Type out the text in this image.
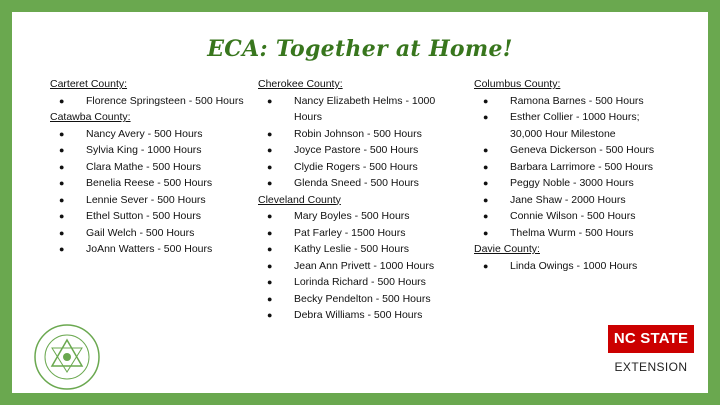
ECA: Together at Home!

Carteret County:

● Florence Springsteen - 500 Hours

Catawba County:

● Nancy Avery - 500 Hours
● Sylvia King - 1000 Hours
● Clara Mathe - 500 Hours
● Benelia Reese - 500 Hours
● Lennie Sever - 500 Hours
● Ethel Sutton - 500 Hours
● Gail Welch - 500 Hours
● JoAnn Watters - 500 Hours

Cherokee County:

● Nancy Elizabeth Helms - 1000 Hours
● Robin Johnson - 500 Hours
● Joyce Pastore - 500 Hours
● Clydie Rogers - 500 Hours
● Glenda Sneed - 500 Hours

Cleveland County

● Mary Boyles - 500 Hours
● Pat Farley - 1500 Hours
● Kathy Leslie - 500 Hours
● Jean Ann Privett - 1000 Hours
● Lorinda Richard - 500 Hours
● Becky Pendelton - 500 Hours
● Debra Williams - 500 Hours

Columbus County:

● Ramona Barnes - 500 Hours
● Esther Collier - 1000 Hours; 30,000 Hour Milestone
● Geneva Dickerson - 500 Hours
● Barbara Larrimore - 500 Hours
● Peggy Noble - 3000 Hours
● Jane Shaw - 2000 Hours
● Connie Wilson - 500 Hours
● Thelma Wurm - 500 Hours

Davie County:

● Linda Owings - 1000 Hours
NC STATE
EXTENSION
